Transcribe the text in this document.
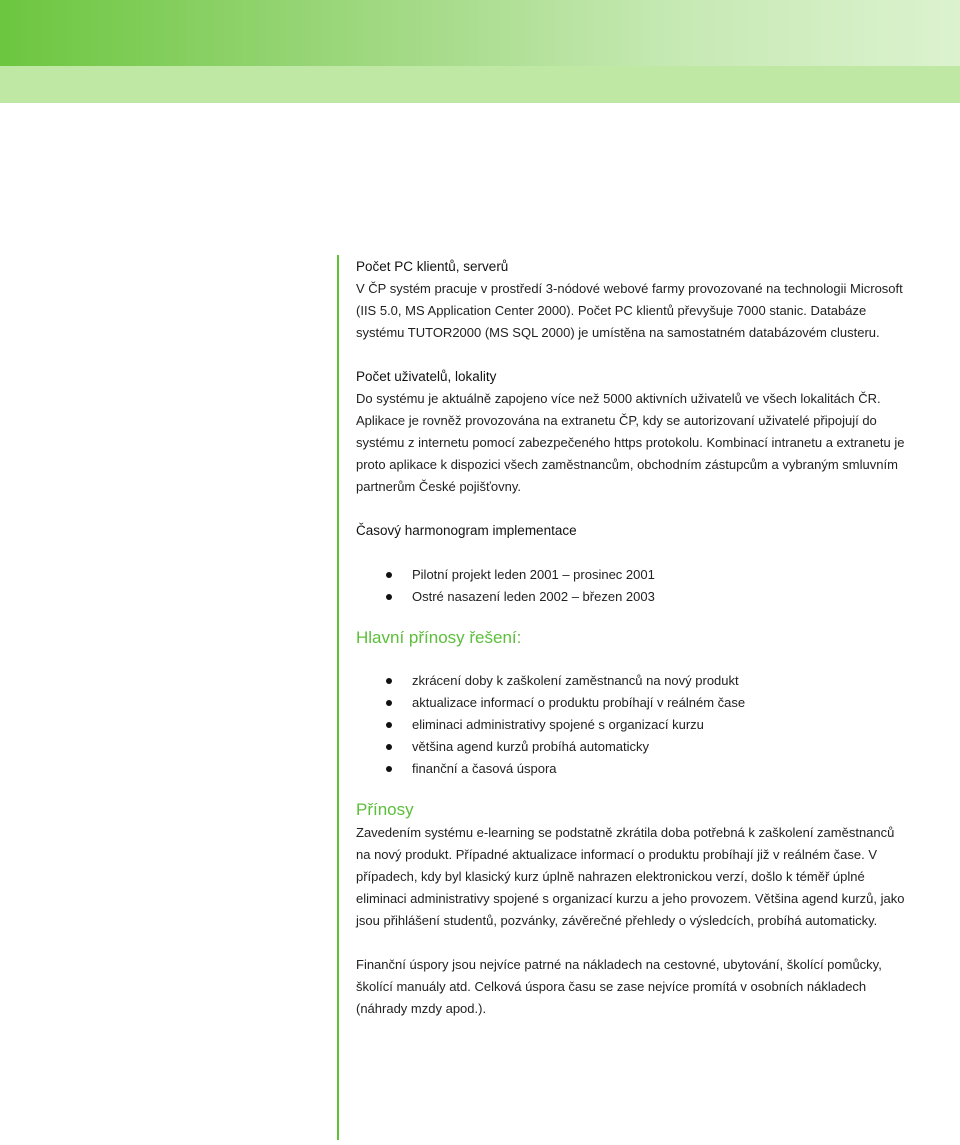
Počet PC klientů, serverů

V ČP systém pracuje v prostředí 3-nódové webové farmy provozované na technologii Microsoft

(IIS 5.0, MS Application Center 2000). Počet PC klientů převyšuje 7000 stanic. Databáze

systému TUTOR2000 (MS SQL 2000) je umístěna na samostatném databázovém clusteru.

Počet uživatelů, lokality

Do systému je aktuálně zapojeno více než 5000 aktivních uživatelů ve všech lokalitách ČR.

Aplikace je rovněž provozována na extranetu ČP, kdy se autorizovaní uživatelé připojují do

systému z internetu pomocí zabezpečeného https protokolu. Kombinací intranetu a extranetu je

proto aplikace k dispozici všech zaměstnancům, obchodním zástupcům a vybraným smluvním

partnerům České pojišťovny.

Časový harmonogram implementace
Pilotní projekt leden 2001 – prosinec 2001
Ostré nasazení leden 2002 – březen 2003
Hlavní přínosy řešení:
zkrácení doby k zaškolení zaměstnanců na nový produkt
aktualizace informací o produktu probíhají v reálném čase
eliminaci administrativy spojené s organizací kurzu
většina agend kurzů probíhá automaticky
finanční a časová úspora
Přínosy

Zavedením systému e-learning se podstatně zkrátila doba potřebná k zaškolení zaměstnanců

na nový produkt. Případné aktualizace informací o produktu probíhají již v reálném čase. V

případech, kdy byl klasický kurz úplně nahrazen elektronickou verzí, došlo k téměř úplné

eliminaci administrativy spojené s organizací kurzu a jeho provozem. Většina agend kurzů, jako

jsou přihlášení studentů, pozvánky, závěrečné přehledy o výsledcích, probíhá automaticky.

Finanční úspory jsou nejvíce patrné na nákladech na cestovné, ubytování, školící pomůcky,

školící manuály atd. Celková úspora času se zase nejvíce promítá v osobních nákladech

(náhrady mzdy apod.).
